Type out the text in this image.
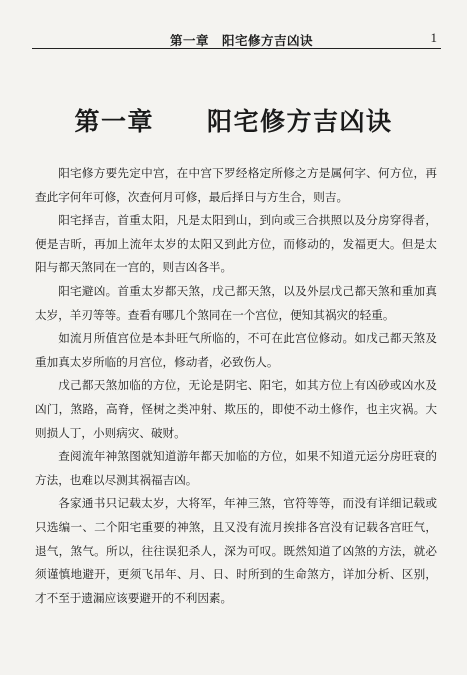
第一章　阳宅修方吉凶诀	1
第一章　　阳宅修方吉凶诀

阳宅修方要先定中宫，在中宫下罗经格定所修之方是属何字、何方位，再查此字何年可修，次查何月可修，最后择日与方生合，则吉。

阳宅择吉，首重太阳，凡是太阳到山，到向或三合拱照以及分房穿得者，便是吉昕，再加上流年太岁的太阳又到此方位，而修动的，发福更大。但是太阳与都天煞同在一宫的，则吉凶各半。

阳宅避凶。首重太岁都天煞，戊己都天煞，以及外层戊己都天煞和重加真太岁，羊刃等等。查看有哪几个煞同在一个宫位，便知其祸灾的轻重。

如流月所值宫位是本卦旺气所临的，不可在此宫位修动。如戊己都天煞及重加真太岁所临的月宫位，修动者，必致伤人。

戊己都天煞加临的方位，无论是阴宅、阳宅，如其方位上有凶砂或凶水及凶门，煞路，高脊，怪树之类冲射、欺压的，即使不动土修作，也主灾祸。大则损人丁，小则病灾、破财。

查阅流年神煞图就知道游年都天加临的方位，如果不知道元运分房旺衰的方法，也难以尽测其祸福吉凶。

各家通书只记载太岁，大将军，年神三煞，官符等等，而没有详细记载或只选编一、二个阳宅重要的神煞，且又没有流月挨排各宫没有记载各宫旺气，退气，煞气。所以，往往误犯杀人，深为可叹。既然知道了凶煞的方法，就必须谨慎地避开，更须飞吊年、月、日、时所到的生命煞方，详加分析、区别，才不至于遗漏应该要避开的不利因素。
